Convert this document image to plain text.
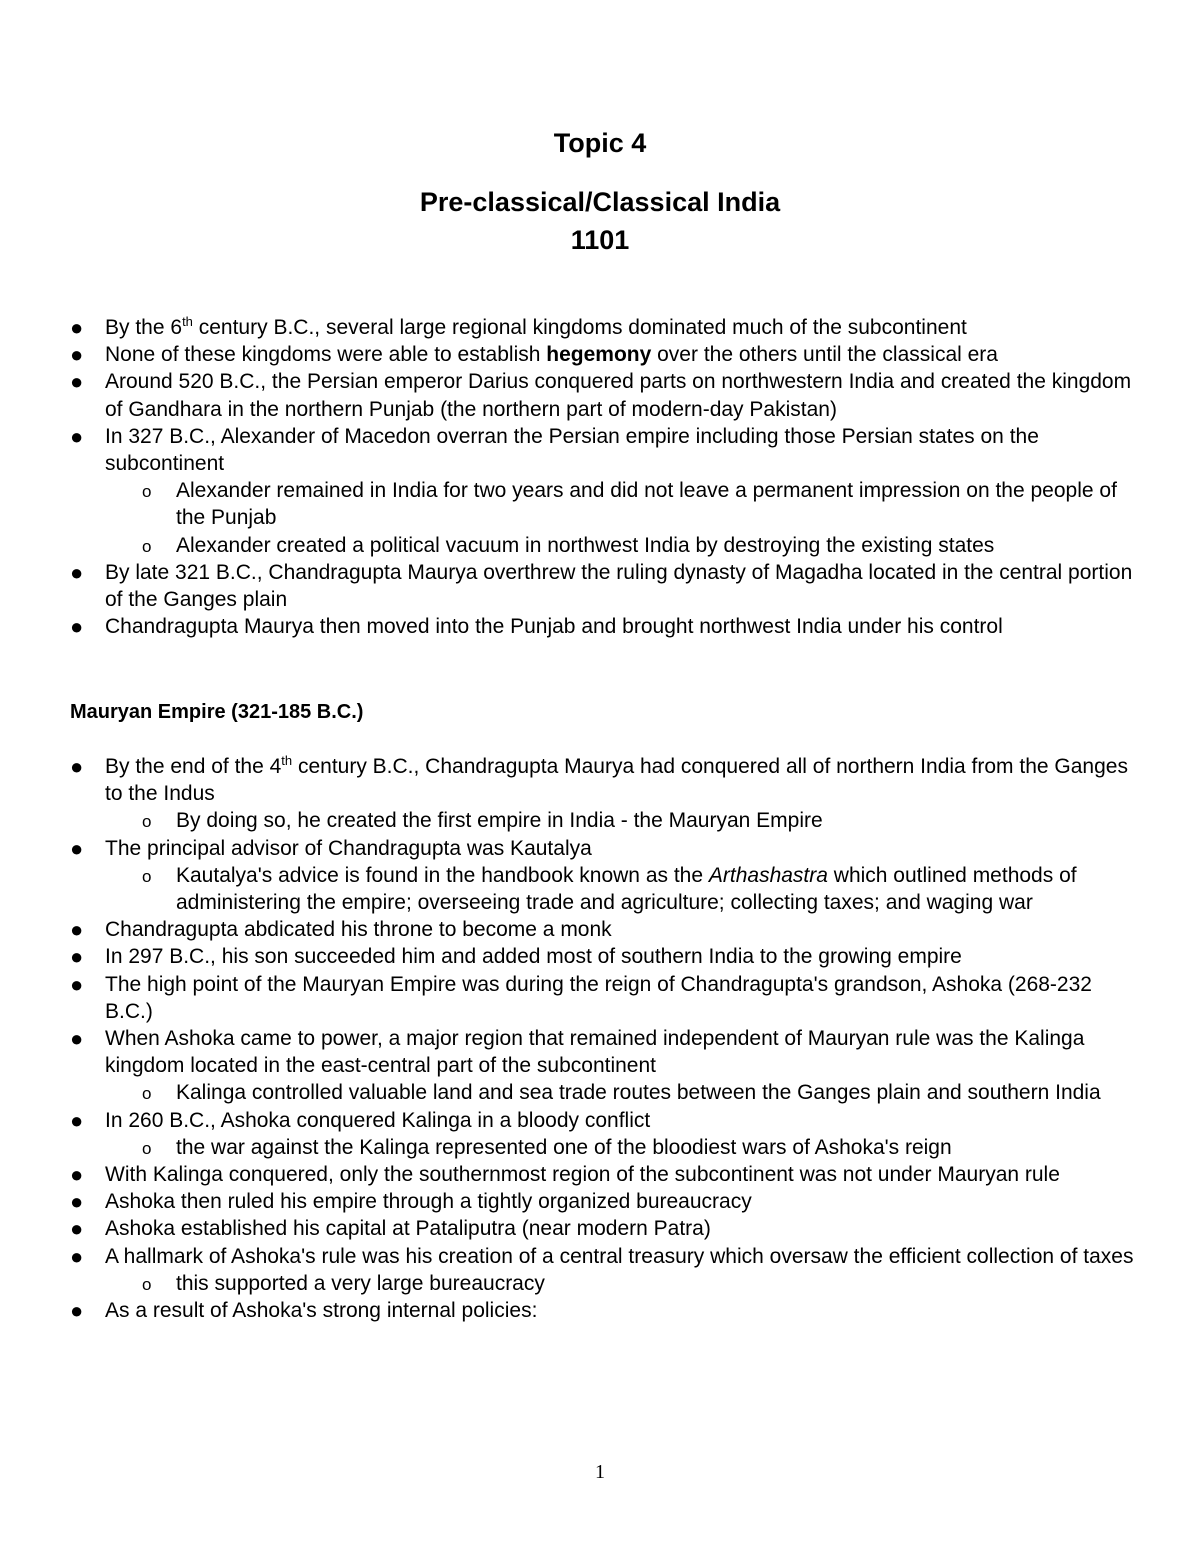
Topic 4
Pre-classical/Classical India
1101
● By the 6th century B.C., several large regional kingdoms dominated much of the subcontinent
● None of these kingdoms were able to establish hegemony over the others until the classical era
● Around 520 B.C., the Persian emperor Darius conquered parts on northwestern India and created the kingdom of Gandhara in the northern Punjab (the northern part of modern-day Pakistan)
● In 327 B.C., Alexander of Macedon overran the Persian empire including those Persian states on the subcontinent
o Alexander remained in India for two years and did not leave a permanent impression on the people of the Punjab
o Alexander created a political vacuum in northwest India by destroying the existing states
● By late 321 B.C., Chandragupta Maurya overthrew the ruling dynasty of Magadha located in the central portion of the Ganges plain
● Chandragupta Maurya then moved into the Punjab and brought northwest India under his control
Mauryan Empire (321-185 B.C.)
● By the end of the 4th century B.C., Chandragupta Maurya had conquered all of northern India from the Ganges to the Indus
o By doing so, he created the first empire in India - the Mauryan Empire
● The principal advisor of Chandragupta was Kautalya
o Kautalya's advice is found in the handbook known as the Arthashastra which outlined methods of administering the empire; overseeing trade and agriculture; collecting taxes; and waging war
● Chandragupta abdicated his throne to become a monk
● In 297 B.C., his son succeeded him and added most of southern India to the growing empire
● The high point of the Mauryan Empire was during the reign of Chandragupta's grandson, Ashoka (268-232 B.C.)
● When Ashoka came to power, a major region that remained independent of Mauryan rule was the Kalinga kingdom located in the east-central part of the subcontinent
o Kalinga controlled valuable land and sea trade routes between the Ganges plain and southern India
● In 260 B.C., Ashoka conquered Kalinga in a bloody conflict
o the war against the Kalinga represented one of the bloodiest wars of Ashoka's reign
● With Kalinga conquered, only the southernmost region of the subcontinent was not under Mauryan rule
● Ashoka then ruled his empire through a tightly organized bureaucracy
● Ashoka established his capital at Pataliputra (near modern Patra)
● A hallmark of Ashoka's rule was his creation of a central treasury which oversaw the efficient collection of taxes
o this supported a very large bureaucracy
● As a result of Ashoka's strong internal policies:
1
